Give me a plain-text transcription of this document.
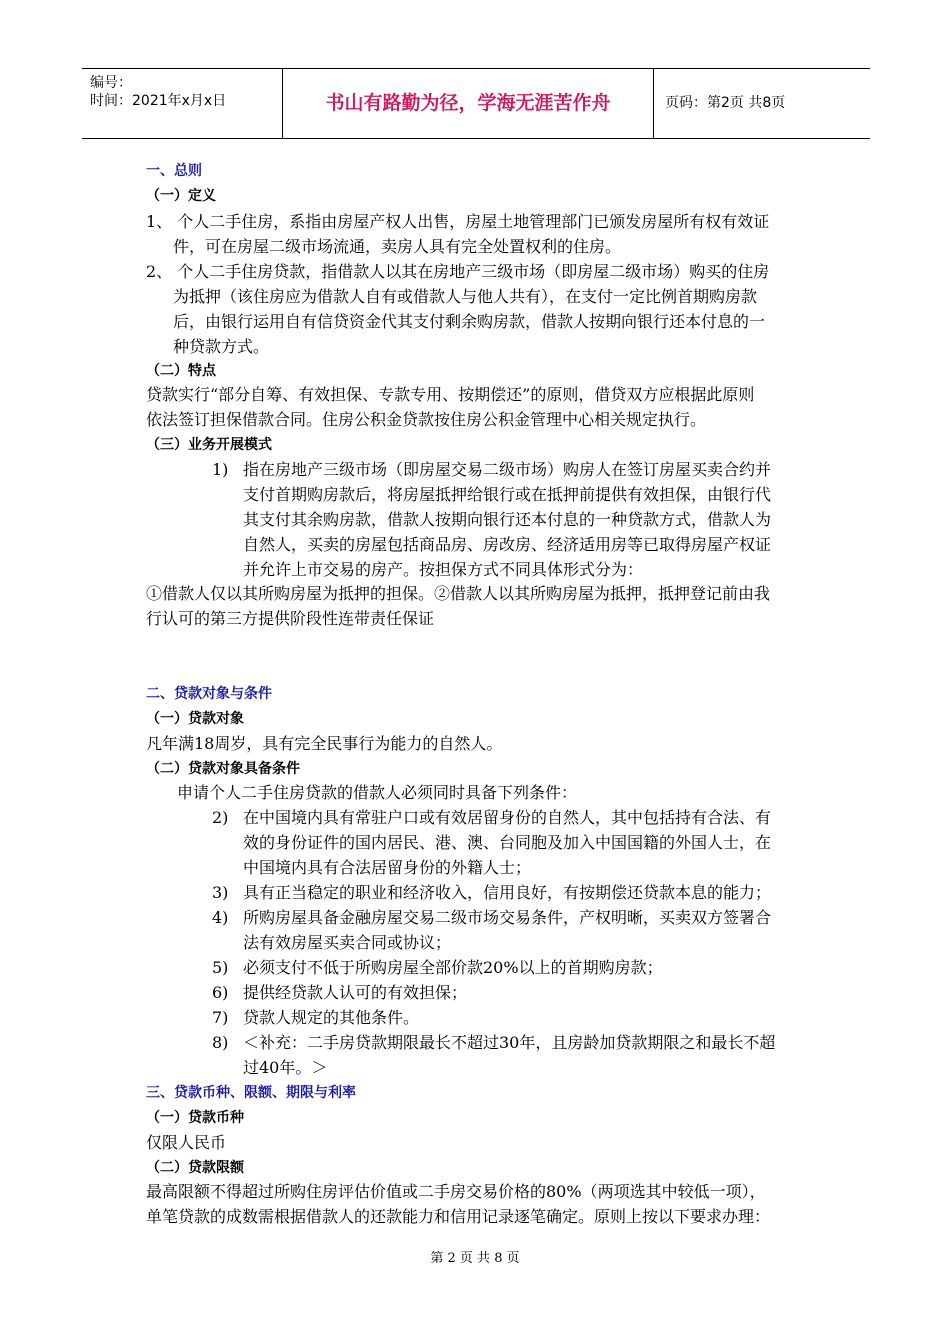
编号：
时间：2021年x月x日	书山有路勤为径，学海无涯苦作舟	页码：第2页 共8页
一、总则
（一）定义
1、 个人二手住房，系指由房屋产权人出售，房屋土地管理部门已颁发房屋所有权有效证
件，可在房屋二级市场流通，卖房人具有完全处置权利的住房。
2、 个人二手住房贷款，指借款人以其在房地产三级市场（即房屋二级市场）购买的住房
为抵押（该住房应为借款人自有或借款人与他人共有），在支付一定比例首期购房款
后，由银行运用自有信贷资金代其支付剩余购房款，借款人按期向银行还本付息的一
种贷款方式。
（二）特点
贷款实行“部分自筹、有效担保、专款专用、按期偿还”的原则，借贷双方应根据此原则
依法签订担保借款合同。住房公积金贷款按住房公积金管理中心相关规定执行。
（三）业务开展模式
1) 指在房地产三级市场（即房屋交易二级市场）购房人在签订房屋买卖合约并
支付首期购房款后，将房屋抵押给银行或在抵押前提供有效担保，由银行代
其支付其余购房款，借款人按期向银行还本付息的一种贷款方式，借款人为
自然人，买卖的房屋包括商品房、房改房、经济适用房等已取得房屋产权证
并允许上市交易的房产。按担保方式不同具体形式分为：
①借款人仅以其所购房屋为抵押的担保。②借款人以其所购房屋为抵押，抵押登记前由我
行认可的第三方提供阶段性连带责任保证
二、贷款对象与条件
（一）贷款对象
凡年满18周岁，具有完全民事行为能力的自然人。
（二）贷款对象具备条件
申请个人二手住房贷款的借款人必须同时具备下列条件：
2) 在中国境内具有常驻户口或有效居留身份的自然人，其中包括持有合法、有
效的身份证件的国内居民、港、澳、台同胞及加入中国国籍的外国人士，在
中国境内具有合法居留身份的外籍人士；
3) 具有正当稳定的职业和经济收入，信用良好，有按期偿还贷款本息的能力；
4) 所购房屋具备金融房屋交易二级市场交易条件，产权明晰，买卖双方签署合
法有效房屋买卖合同或协议；
5) 必须支付不低于所购房屋全部价款20%以上的首期购房款；
6) 提供经贷款人认可的有效担保；
7) 贷款人规定的其他条件。
8) ＜补充：二手房贷款期限最长不超过30年，且房龄加贷款期限之和最长不超
过40年。＞
三、贷款币种、限额、期限与利率
（一）贷款币种
仅限人民币
（二）贷款限额
最高限额不得超过所购住房评估价值或二手房交易价格的80%（两项选其中较低一项），
单笔贷款的成数需根据借款人的还款能力和信用记录逐笔确定。原则上按以下要求办理：
第 2 页 共 8 页
